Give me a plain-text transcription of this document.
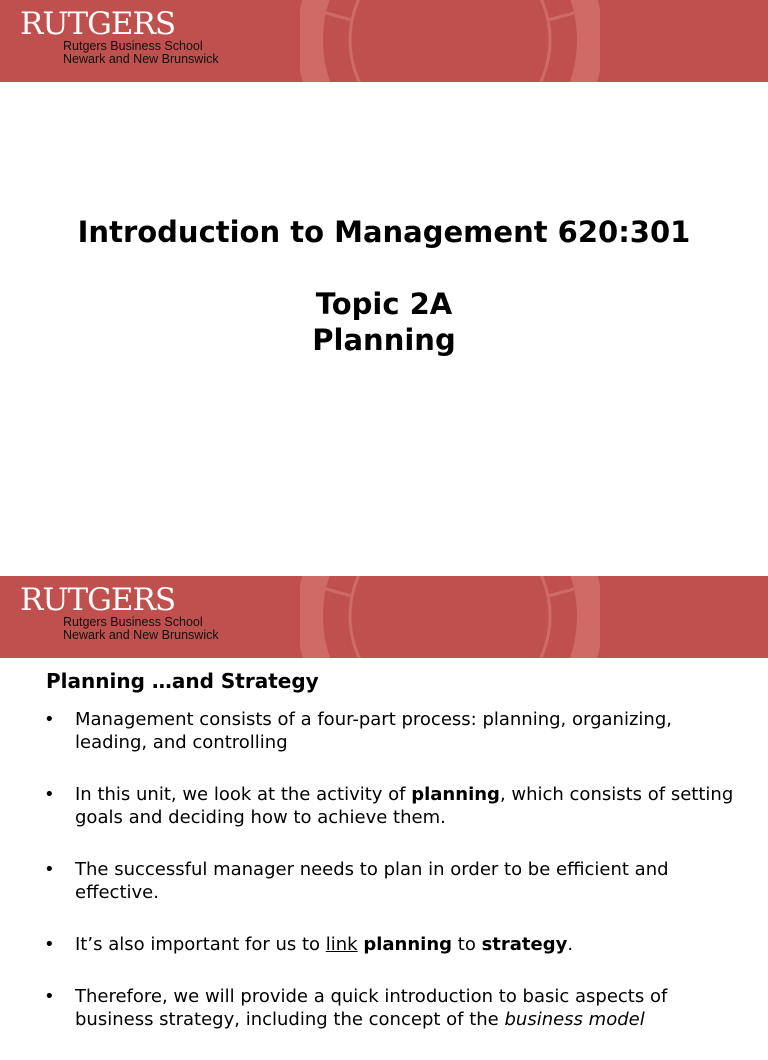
RUTGERS
Rutgers Business School
Newark and New Brunswick
Introduction to Management 620:301
Topic 2A
Planning
RUTGERS
Rutgers Business School
Newark and New Brunswick
Planning …and Strategy
• Management consists of a four-part process: planning, organizing, leading, and controlling
• In this unit, we look at the activity of planning, which consists of setting goals and deciding how to achieve them.
• The successful manager needs to plan in order to be efficient and effective.
• It’s also important for us to link planning to strategy.
• Therefore, we will provide a quick introduction to basic aspects of business strategy, including the concept of the business model
